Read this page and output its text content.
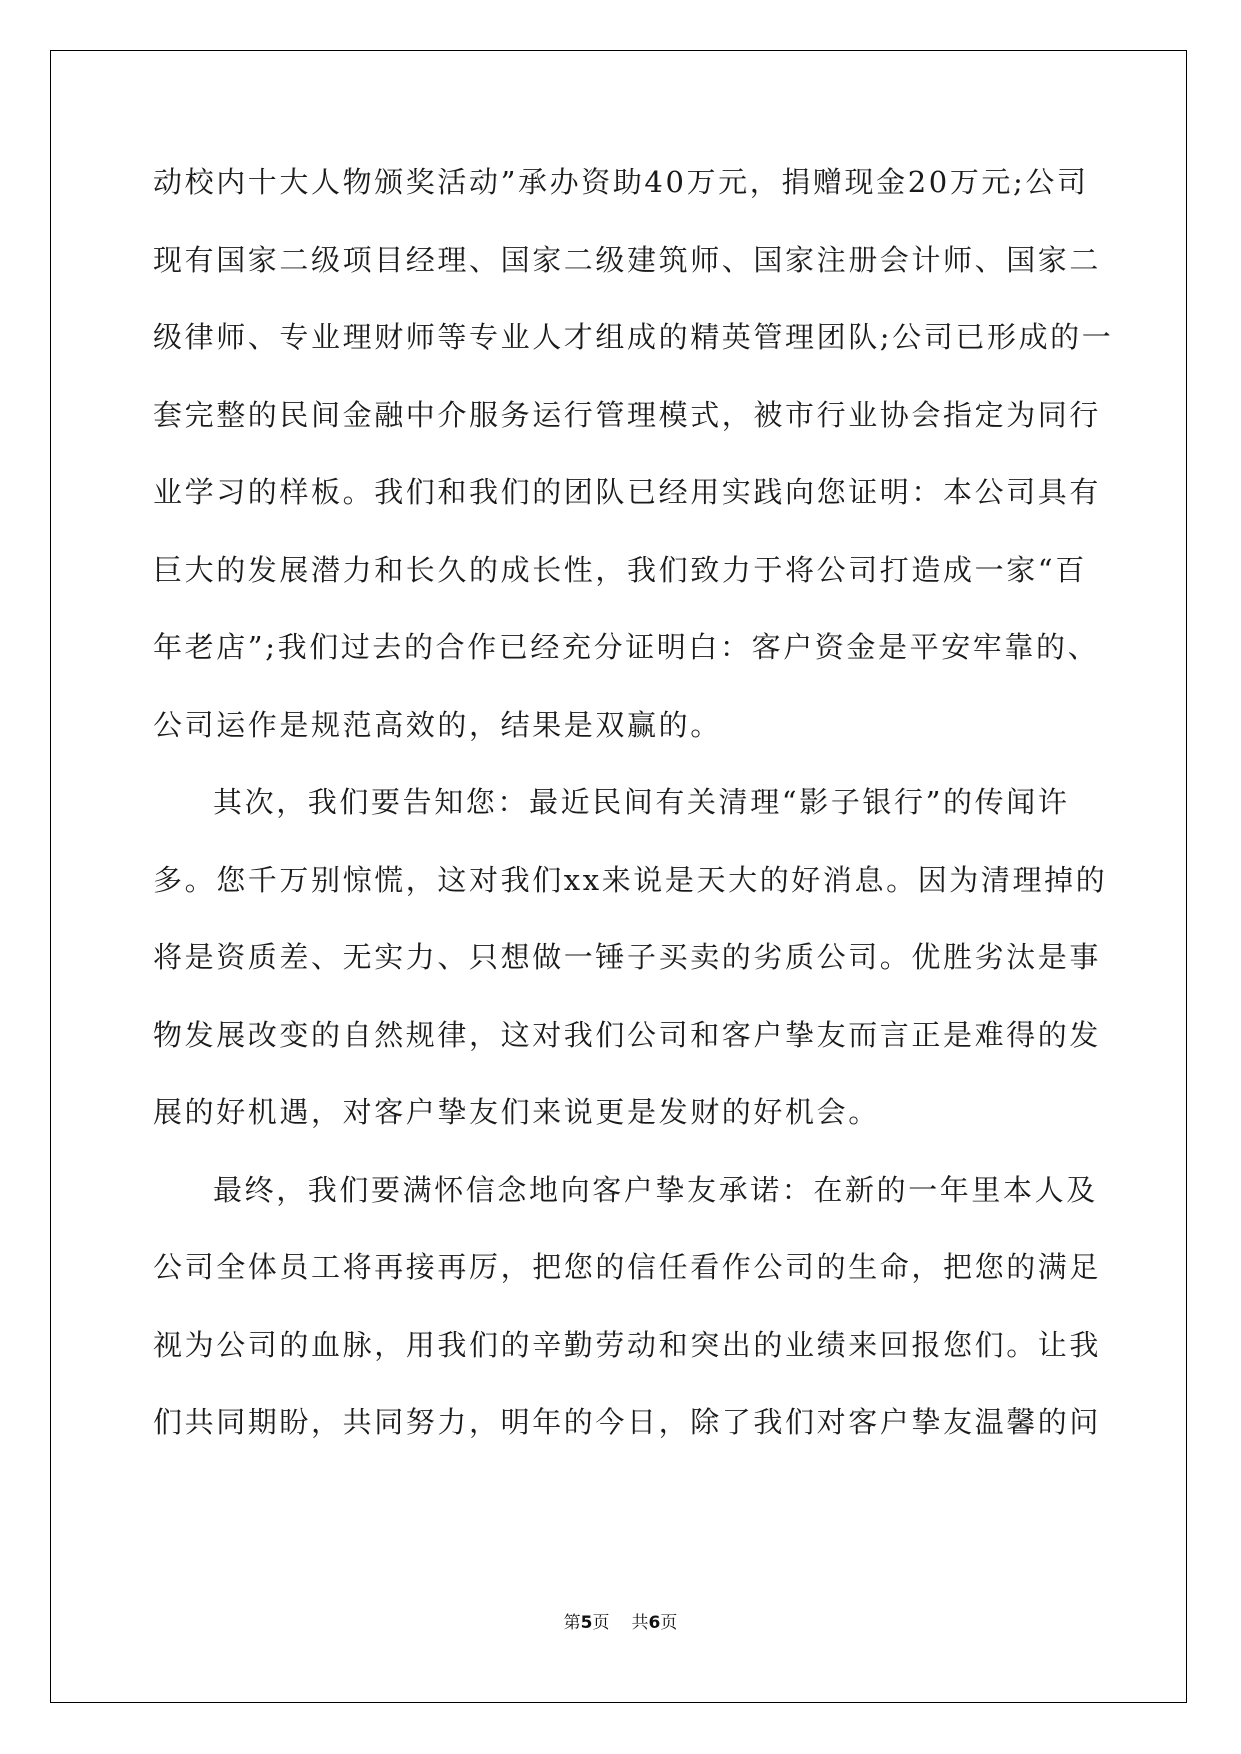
动校内十大人物颁奖活动”承办资助40万元，捐赠现金20万元;公司
现有国家二级项目经理、国家二级建筑师、国家注册会计师、国家二
级律师、专业理财师等专业人才组成的精英管理团队;公司已形成的一
套完整的民间金融中介服务运行管理模式，被市行业协会指定为同行
业学习的样板。我们和我们的团队已经用实践向您证明：本公司具有
巨大的发展潜力和长久的成长性，我们致力于将公司打造成一家“百
年老店”;我们过去的合作已经充分证明白：客户资金是平安牢靠的、
公司运作是规范高效的，结果是双赢的。
其次，我们要告知您：最近民间有关清理“影子银行”的传闻许
多。您千万别惊慌，这对我们xx来说是天大的好消息。因为清理掉的
将是资质差、无实力、只想做一锤子买卖的劣质公司。优胜劣汰是事
物发展改变的自然规律，这对我们公司和客户挚友而言正是难得的发
展的好机遇，对客户挚友们来说更是发财的好机会。
最终，我们要满怀信念地向客户挚友承诺：在新的一年里本人及
公司全体员工将再接再厉，把您的信任看作公司的生命，把您的满足
视为公司的血脉，用我们的辛勤劳动和突出的业绩来回报您们。让我
们共同期盼，共同努力，明年的今日，除了我们对客户挚友温馨的问
第5页 共6页
